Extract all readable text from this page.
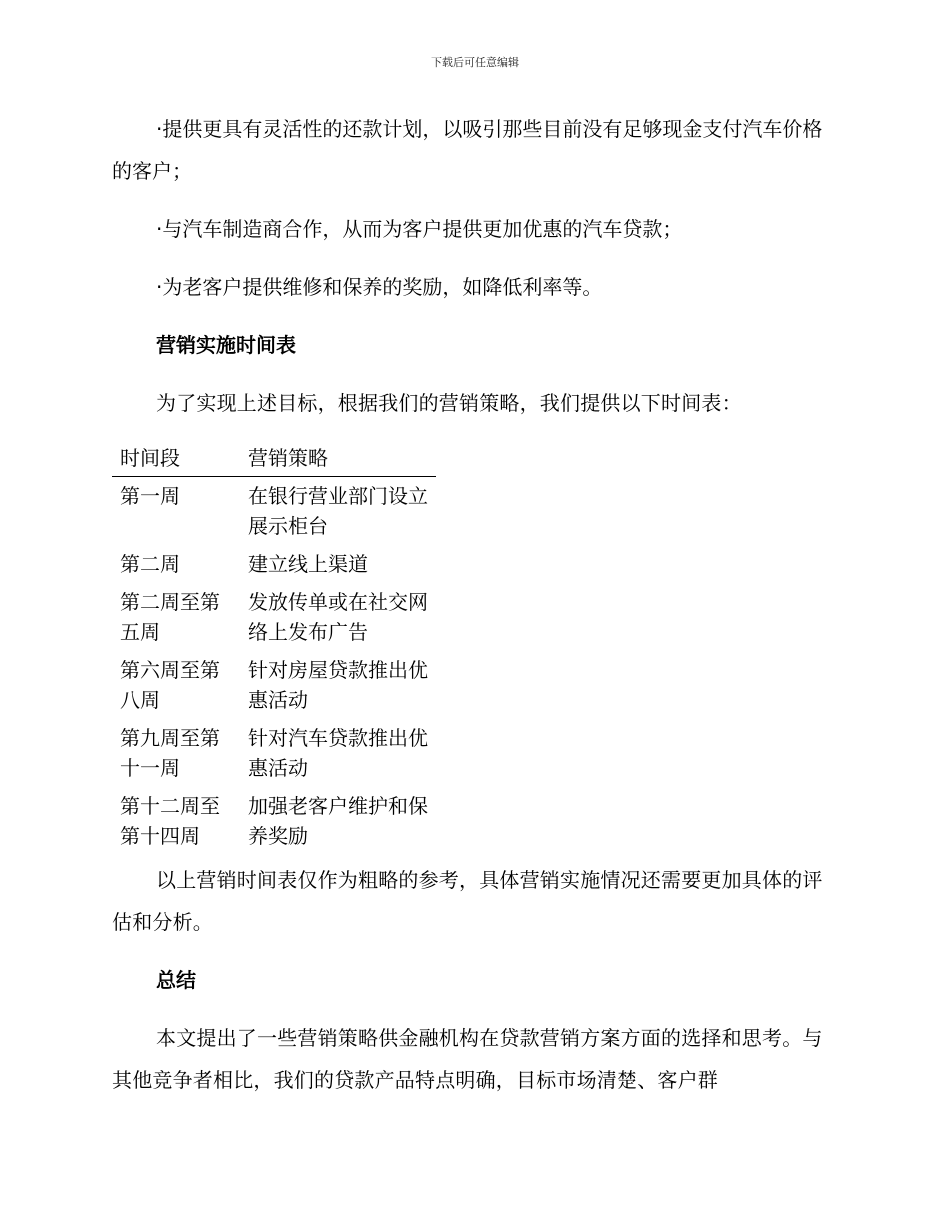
下载后可任意编辑

·提供更具有灵活性的还款计划，以吸引那些目前没有足够现金支付汽车价格的客户；

·与汽车制造商合作，从而为客户提供更加优惠的汽车贷款；

·为老客户提供维修和保养的奖励，如降低利率等。

营销实施时间表

为了实现上述目标，根据我们的营销策略，我们提供以下时间表：

时间段	营销策略
第一周	在银行营业部门设立展示柜台
第二周	建立线上渠道
第二周至第五周	发放传单或在社交网络上发布广告
第六周至第八周	针对房屋贷款推出优惠活动
第九周至第十一周	针对汽车贷款推出优惠活动
第十二周至第十四周	加强老客户维护和保养奖励

以上营销时间表仅作为粗略的参考，具体营销实施情况还需要更加具体的评估和分析。

总结

本文提出了一些营销策略供金融机构在贷款营销方案方面的选择和思考。与其他竞争者相比，我们的贷款产品特点明确，目标市场清楚、客户群
